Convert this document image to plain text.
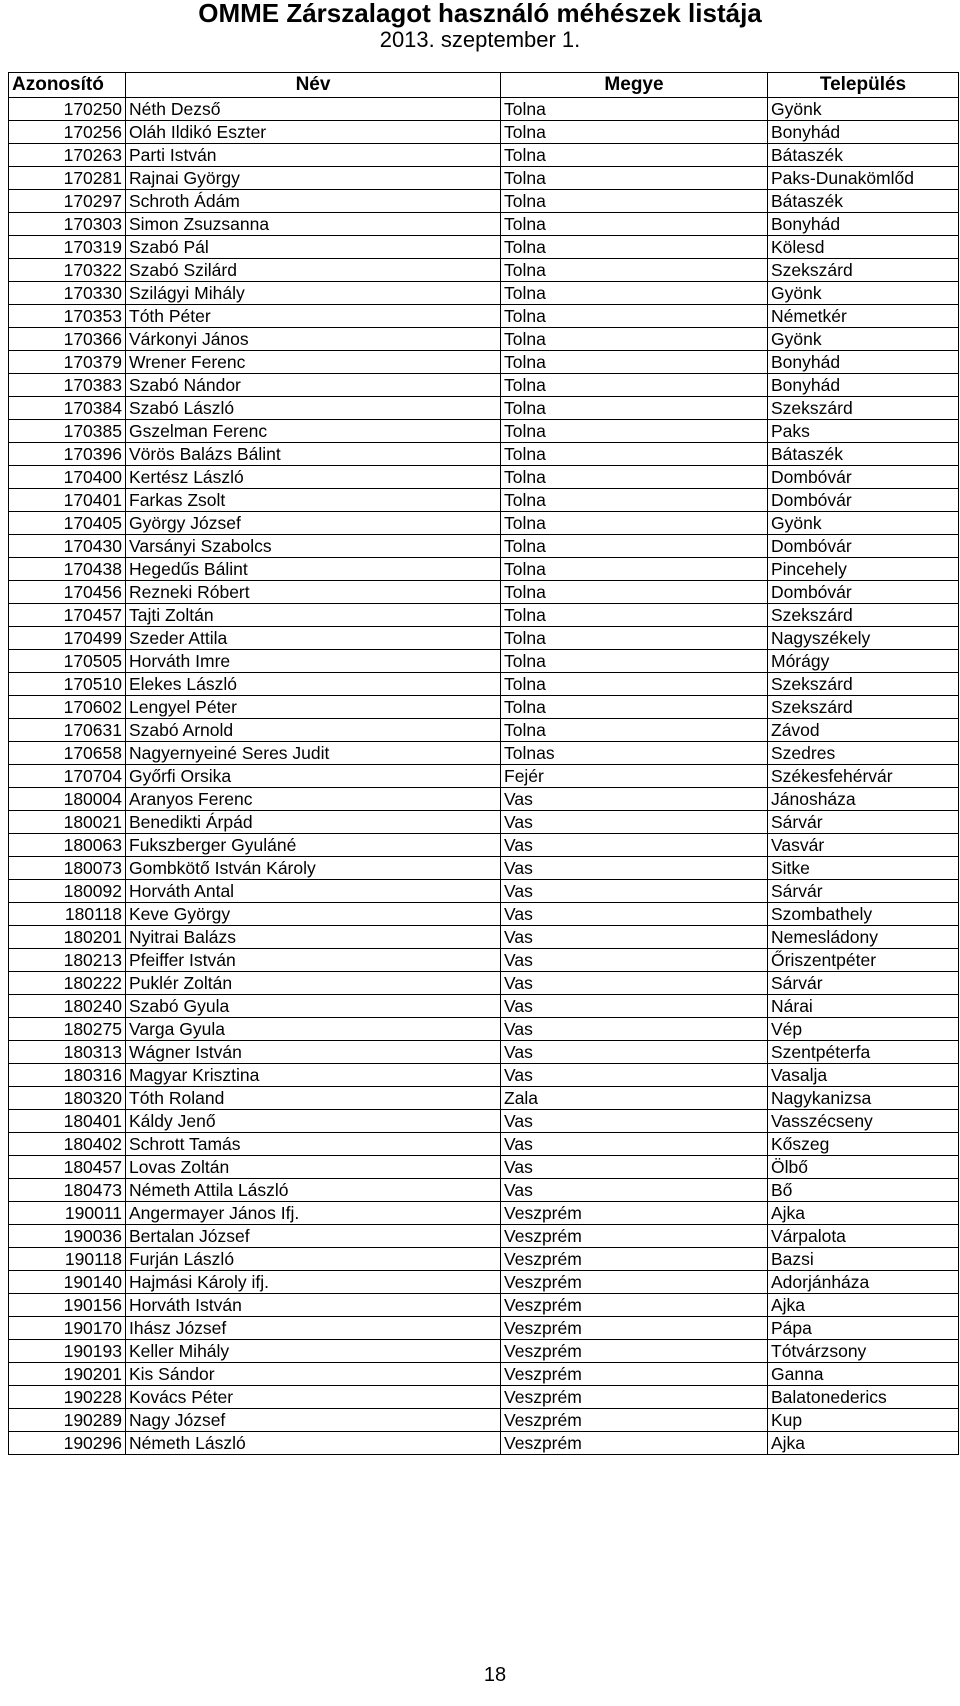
OMME Zárszalagot használó méhészek listája
2013. szeptember 1.
Azonosító	Név	Megye	Település
170250	Néth Dezső	Tolna	Gyönk
170256	Oláh Ildikó Eszter	Tolna	Bonyhád
170263	Parti István	Tolna	Bátaszék
170281	Rajnai György	Tolna	Paks-Dunakömlőd
170297	Schroth Ádám	Tolna	Bátaszék
170303	Simon Zsuzsanna	Tolna	Bonyhád
170319	Szabó Pál	Tolna	Kölesd
170322	Szabó Szilárd	Tolna	Szekszárd
170330	Szilágyi Mihály	Tolna	Gyönk
170353	Tóth Péter	Tolna	Németkér
170366	Várkonyi János	Tolna	Gyönk
170379	Wrener Ferenc	Tolna	Bonyhád
170383	Szabó Nándor	Tolna	Bonyhád
170384	Szabó László	Tolna	Szekszárd
170385	Gszelman Ferenc	Tolna	Paks
170396	Vörös Balázs Bálint	Tolna	Bátaszék
170400	Kertész László	Tolna	Dombóvár
170401	Farkas Zsolt	Tolna	Dombóvár
170405	György József	Tolna	Gyönk
170430	Varsányi Szabolcs	Tolna	Dombóvár
170438	Hegedűs Bálint	Tolna	Pincehely
170456	Rezneki Róbert	Tolna	Dombóvár
170457	Tajti Zoltán	Tolna	Szekszárd
170499	Szeder Attila	Tolna	Nagyszékely
170505	Horváth Imre	Tolna	Mórágy
170510	Elekes László	Tolna	Szekszárd
170602	Lengyel Péter	Tolna	Szekszárd
170631	Szabó Arnold	Tolna	Závod
170658	Nagyernyeiné Seres Judit	Tolnas	Szedres
170704	Győrfi Orsika	Fejér	Székesfehérvár
180004	Aranyos Ferenc	Vas	Jánosháza
180021	Benedikti Árpád	Vas	Sárvár
180063	Fukszberger Gyuláné	Vas	Vasvár
180073	Gombkötő István Károly	Vas	Sitke
180092	Horváth Antal	Vas	Sárvár
180118	Keve György	Vas	Szombathely
180201	Nyitrai Balázs	Vas	Nemesládony
180213	Pfeiffer István	Vas	Őriszentpéter
180222	Puklér Zoltán	Vas	Sárvár
180240	Szabó Gyula	Vas	Nárai
180275	Varga Gyula	Vas	Vép
180313	Wágner István	Vas	Szentpéterfa
180316	Magyar Krisztina	Vas	Vasalja
180320	Tóth Roland	Zala	Nagykanizsa
180401	Káldy Jenő	Vas	Vasszécseny
180402	Schrott Tamás	Vas	Kőszeg
180457	Lovas Zoltán	Vas	Ölbő
180473	Németh Attila László	Vas	Bő
190011	Angermayer János Ifj.	Veszprém	Ajka
190036	Bertalan József	Veszprém	Várpalota
190118	Furján László	Veszprém	Bazsi
190140	Hajmási Károly ifj.	Veszprém	Adorjánháza
190156	Horváth István	Veszprém	Ajka
190170	Ihász József	Veszprém	Pápa
190193	Keller Mihály	Veszprém	Tótvárzsony
190201	Kis Sándor	Veszprém	Ganna
190228	Kovács Péter	Veszprém	Balatonederics
190289	Nagy József	Veszprém	Kup
190296	Németh László	Veszprém	Ajka
18
